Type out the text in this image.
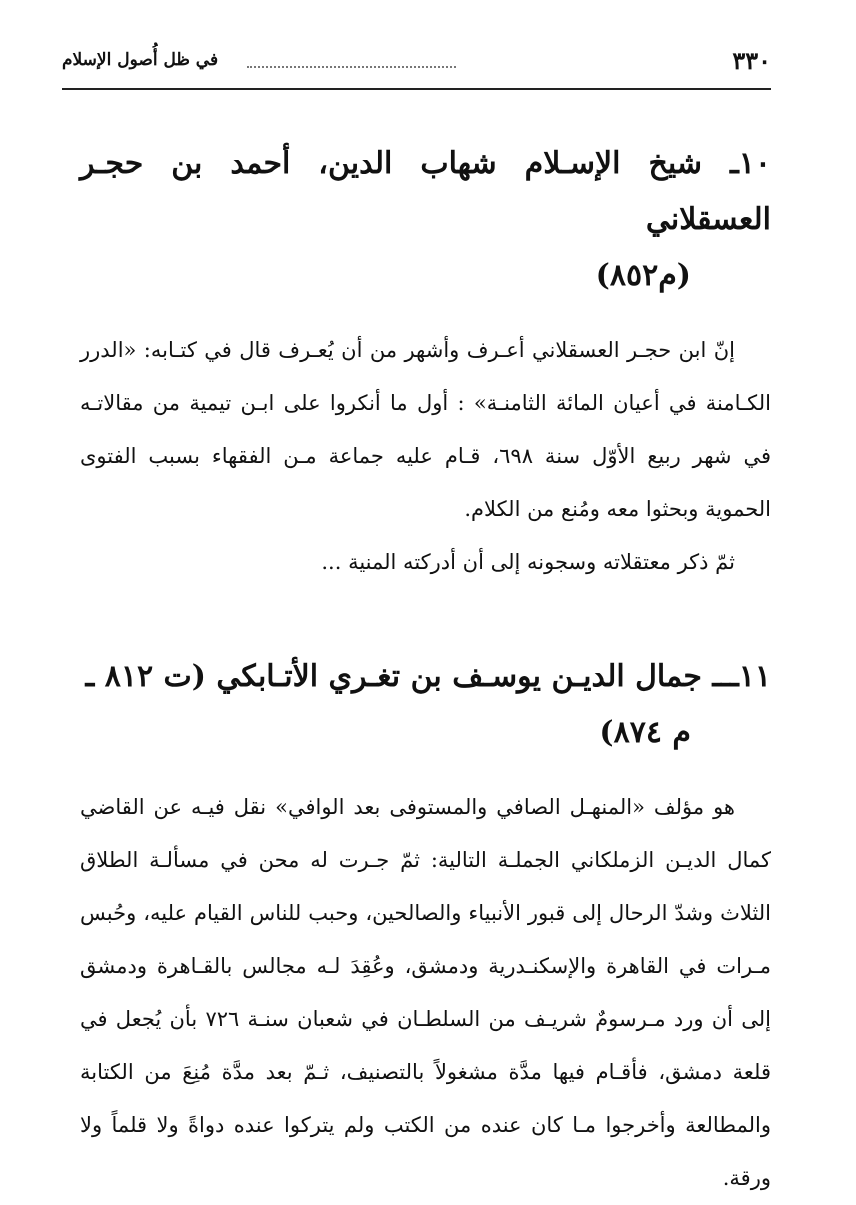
٣٣٠
في ظل أُصول الإسلام
١٠ـ شيخ الإسـلام شهاب الدين، أحمد بن حجـر العسقلاني
(م٨٥٢)

إنّ ابن حجـر العسقلاني أعـرف وأشهر من أن يُعـرف قال في كتـابه: «الدرر الكـامنة في أعيان المائة الثامنـة» : أول ما أنكروا على ابـن تيمية من مقالاتـه في شهر ربيع الأوّل سنة ٦٩٨، قـام عليه جماعة مـن الفقهاء بسبب الفتوى الحموية وبحثوا معه ومُنع من الكلام.

ثمّ ذكر معتقلاته وسجونه إلى أن أدركته المنية ...

١١ـــ جمال الديـن يوسـف بن تغـري الأتـابكي (ت ٨١٢ ـ
م ٨٧٤)

هو مؤلف «المنهـل الصافي والمستوفى بعد الوافي» نقل فيـه عن القاضي كمال الديـن الزملكاني الجملـة التالية: ثمّ جـرت له محن في مسألـة الطلاق الثلاث وشدّ الرحال إلى قبور الأنبياء والصالحين، وحبب للناس القيام عليه، وحُبس مـرات في القاهرة والإسكنـدرية ودمشق، وعُقِدَ لـه مجالس بالقـاهرة ودمشق إلى أن ورد مـرسومٌ شريـف من السلطـان في شعبان سنـة ٧٢٦ بأن يُجعل في قلعة دمشق، فأقـام فيها مدَّة مشغولاً بالتصنيف، ثـمّ بعد مدَّة مُنِعَ من الكتابة والمطالعة وأخرجوا مـا كان عنده من الكتب ولم يتركوا عنده دواةً ولا قلماً ولا ورقة.
